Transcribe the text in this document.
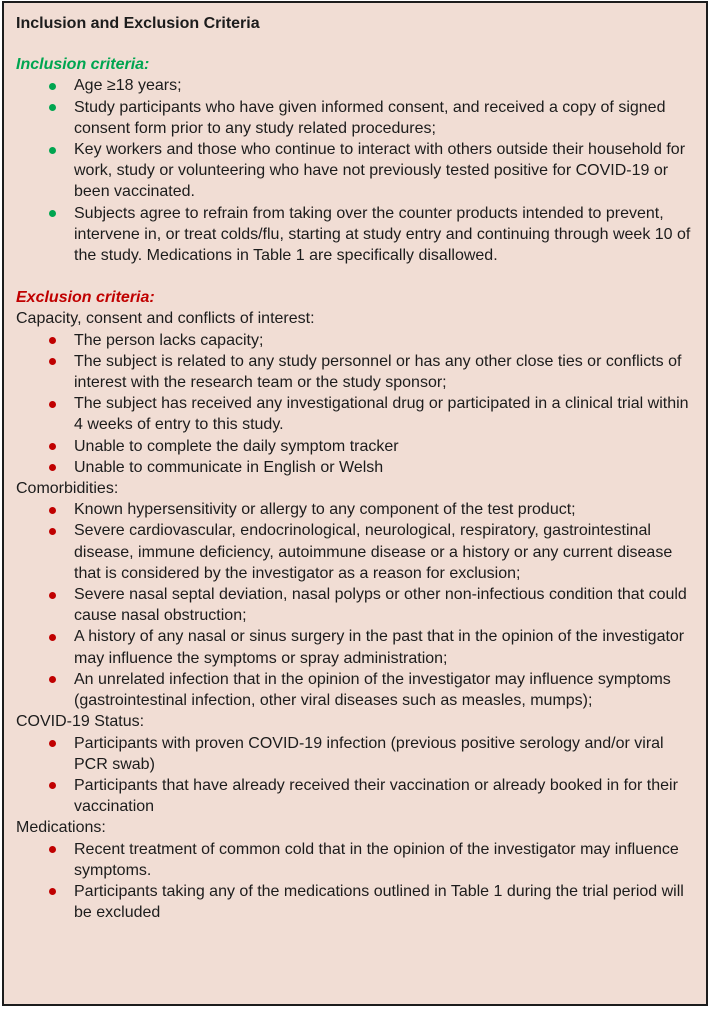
Inclusion and Exclusion Criteria
Inclusion criteria:
Age ≥18 years;
Study participants who have given informed consent, and received a copy of signed consent form prior to any study related procedures;
Key workers and those who continue to interact with others outside their household for work, study or volunteering who have not previously tested positive for COVID-19 or been vaccinated.
Subjects agree to refrain from taking over the counter products intended to prevent, intervene in, or treat colds/flu, starting at study entry and continuing through week 10 of the study. Medications in Table 1 are specifically disallowed.
Exclusion criteria:
Capacity, consent and conflicts of interest:
The person lacks capacity;
The subject is related to any study personnel or has any other close ties or conflicts of interest with the research team or the study sponsor;
The subject has received any investigational drug or participated in a clinical trial within 4 weeks of entry to this study.
Unable to complete the daily symptom tracker
Unable to communicate in English or Welsh
Comorbidities:
Known hypersensitivity or allergy to any component of the test product;
Severe cardiovascular, endocrinological, neurological, respiratory, gastrointestinal disease, immune deficiency, autoimmune disease or a history or any current disease that is considered by the investigator as a reason for exclusion;
Severe nasal septal deviation, nasal polyps or other non-infectious condition that could cause nasal obstruction;
A history of any nasal or sinus surgery in the past that in the opinion of the investigator may influence the symptoms or spray administration;
An unrelated infection that in the opinion of the investigator may influence symptoms (gastrointestinal infection, other viral diseases such as measles, mumps);
COVID-19 Status:
Participants with proven COVID-19 infection (previous positive serology and/or viral PCR swab)
Participants that have already received their vaccination or already booked in for their vaccination
Medications:
Recent treatment of common cold that in the opinion of the investigator may influence symptoms.
Participants taking any of the medications outlined in Table 1 during the trial period will be excluded
